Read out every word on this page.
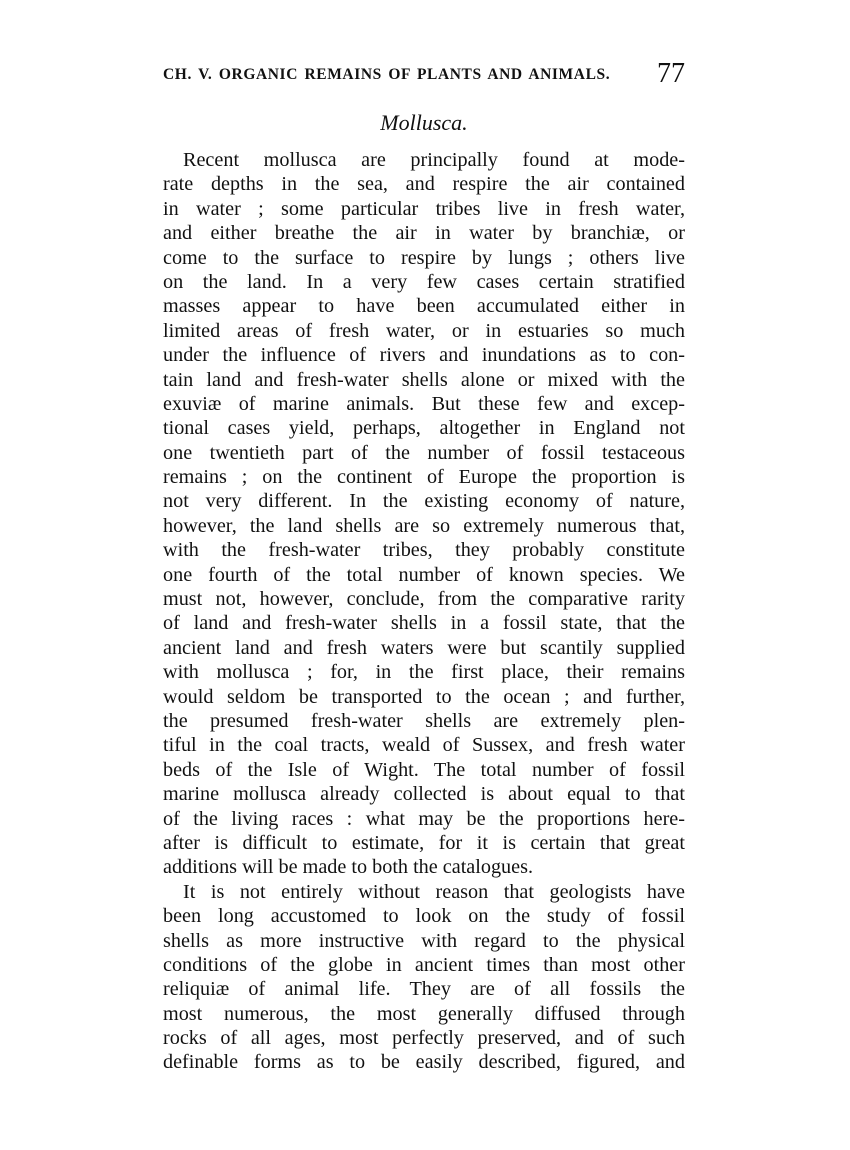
CH. V. ORGANIC REMAINS OF PLANTS AND ANIMALS. 77
Mollusca.
Recent mollusca are principally found at mode-
rate depths in the sea, and respire the air contained
in water ; some particular tribes live in fresh water,
and either breathe the air in water by branchiæ, or
come to the surface to respire by lungs ; others live
on the land. In a very few cases certain stratified
masses appear to have been accumulated either in
limited areas of fresh water, or in estuaries so much
under the influence of rivers and inundations as to con-
tain land and fresh-water shells alone or mixed with the
exuviæ of marine animals. But these few and excep-
tional cases yield, perhaps, altogether in England not
one twentieth part of the number of fossil testaceous
remains ; on the continent of Europe the proportion is
not very different. In the existing economy of nature,
however, the land shells are so extremely numerous that,
with the fresh-water tribes, they probably constitute
one fourth of the total number of known species. We
must not, however, conclude, from the comparative rarity
of land and fresh-water shells in a fossil state, that the
ancient land and fresh waters were but scantily supplied
with mollusca ; for, in the first place, their remains
would seldom be transported to the ocean ; and further,
the presumed fresh-water shells are extremely plen-
tiful in the coal tracts, weald of Sussex, and fresh water
beds of the Isle of Wight. The total number of fossil
marine mollusca already collected is about equal to that
of the living races : what may be the proportions here-
after is difficult to estimate, for it is certain that great
additions will be made to both the catalogues.
It is not entirely without reason that geologists have
been long accustomed to look on the study of fossil
shells as more instructive with regard to the physical
conditions of the globe in ancient times than most other
reliquiæ of animal life. They are of all fossils the
most numerous, the most generally diffused through
rocks of all ages, most perfectly preserved, and of such
definable forms as to be easily described, figured, and
